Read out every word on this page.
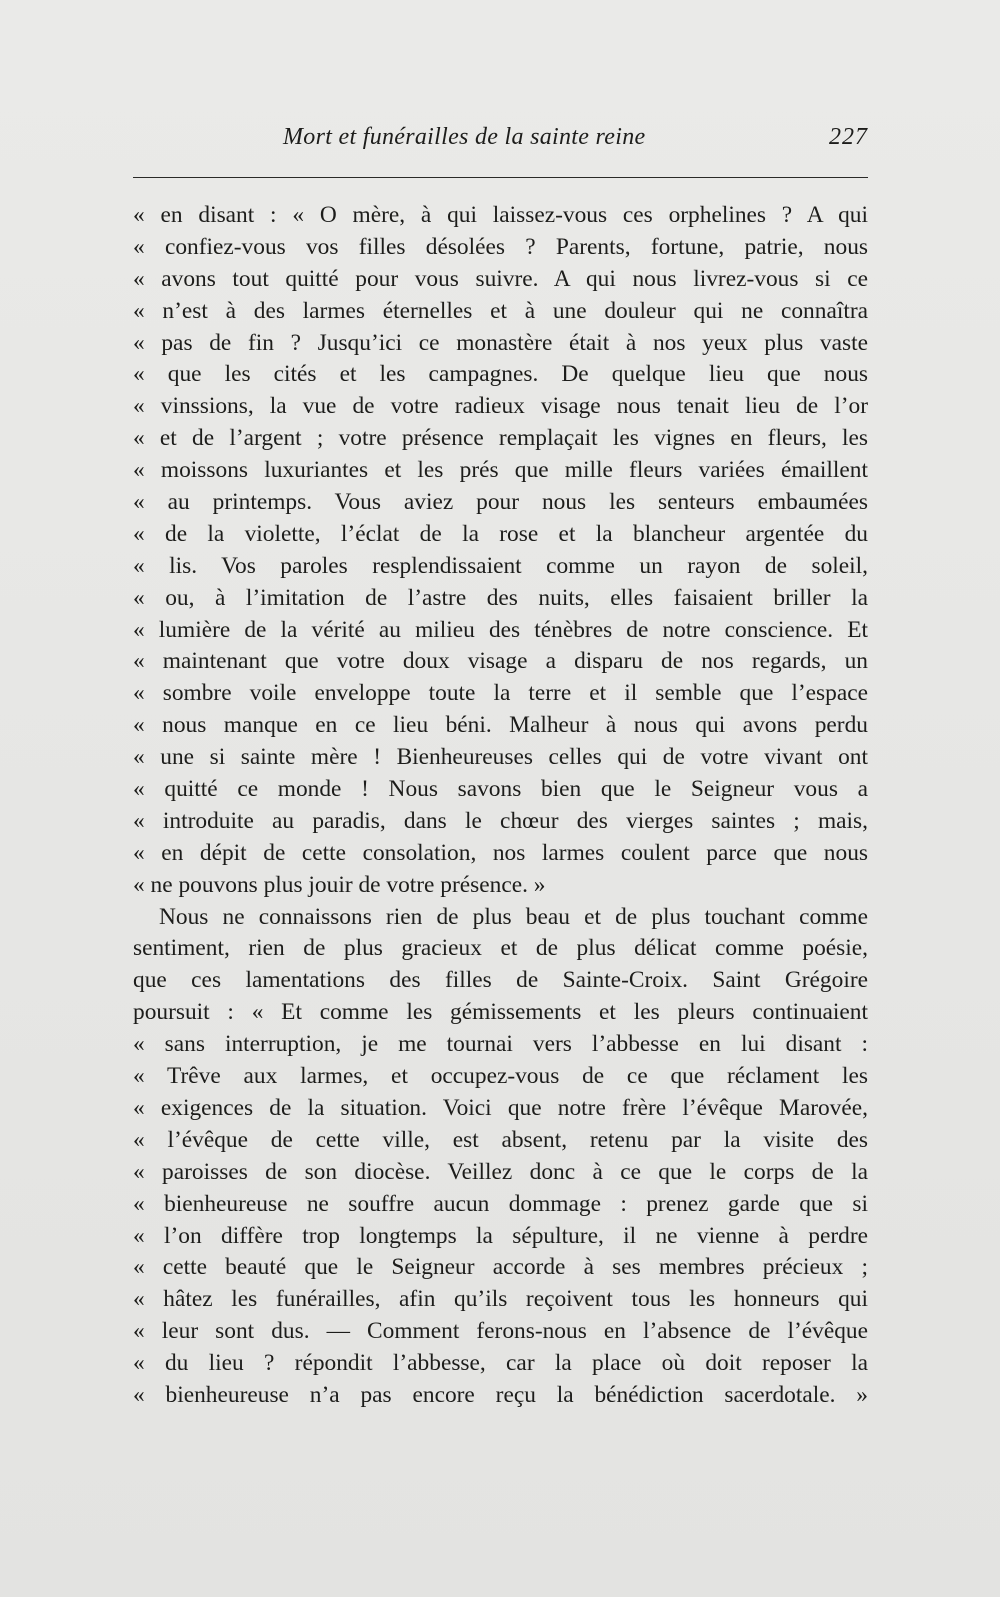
Mort et funérailles de la sainte reine	227
« en disant : « O mère, à qui laissez-vous ces orphelines ? A qui
« confiez-vous vos filles désolées ? Parents, fortune, patrie, nous
« avons tout quitté pour vous suivre. A qui nous livrez-vous si ce
« n’est à des larmes éternelles et à une douleur qui ne connaîtra
« pas de fin ? Jusqu’ici ce monastère était à nos yeux plus vaste
« que les cités et les campagnes. De quelque lieu que nous
« vinssions, la vue de votre radieux visage nous tenait lieu de l’or
« et de l’argent ; votre présence remplaçait les vignes en fleurs, les
« moissons luxuriantes et les prés que mille fleurs variées émaillent
« au printemps. Vous aviez pour nous les senteurs embaumées
« de la violette, l’éclat de la rose et la blancheur argentée du
« lis. Vos paroles resplendissaient comme un rayon de soleil,
« ou, à l’imitation de l’astre des nuits, elles faisaient briller la
« lumière de la vérité au milieu des ténèbres de notre conscience. Et
« maintenant que votre doux visage a disparu de nos regards, un
« sombre voile enveloppe toute la terre et il semble que l’espace
« nous manque en ce lieu béni. Malheur à nous qui avons perdu
« une si sainte mère ! Bienheureuses celles qui de votre vivant ont
« quitté ce monde ! Nous savons bien que le Seigneur vous a
« introduite au paradis, dans le chœur des vierges saintes ; mais,
« en dépit de cette consolation, nos larmes coulent parce que nous
« ne pouvons plus jouir de votre présence. »
Nous ne connaissons rien de plus beau et de plus touchant comme
sentiment, rien de plus gracieux et de plus délicat comme poésie,
que ces lamentations des filles de Sainte-Croix. Saint Grégoire
poursuit : « Et comme les gémissements et les pleurs continuaient
« sans interruption, je me tournai vers l’abbesse en lui disant :
« Trêve aux larmes, et occupez-vous de ce que réclament les
« exigences de la situation. Voici que notre frère l’évêque Marovée,
« l’évêque de cette ville, est absent, retenu par la visite des
« paroisses de son diocèse. Veillez donc à ce que le corps de la
« bienheureuse ne souffre aucun dommage : prenez garde que si
« l’on diffère trop longtemps la sépulture, il ne vienne à perdre
« cette beauté que le Seigneur accorde à ses membres précieux ;
« hâtez les funérailles, afin qu’ils reçoivent tous les honneurs qui
« leur sont dus. — Comment ferons-nous en l’absence de l’évêque
« du lieu ? répondit l’abbesse, car la place où doit reposer la
« bienheureuse n’a pas encore reçu la bénédiction sacerdotale. »
